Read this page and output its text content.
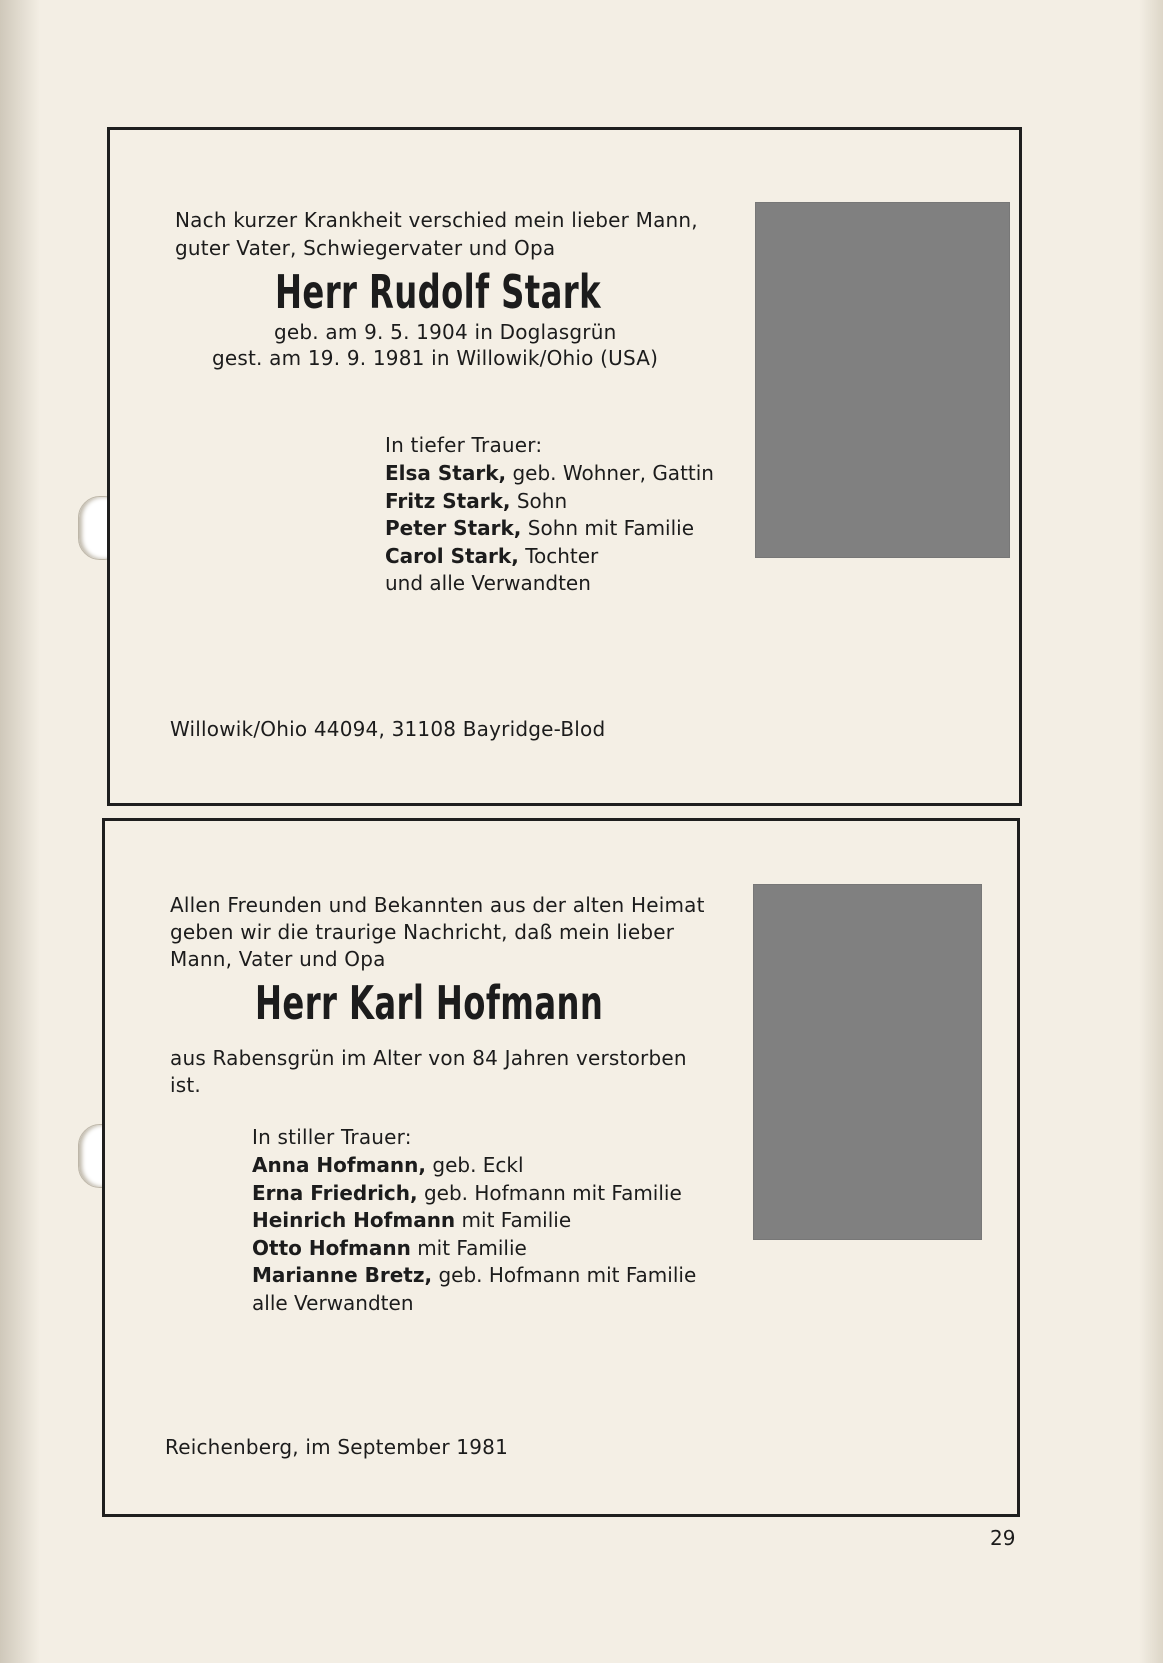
Nach kurzer Krankheit verschied mein lieber Mann,
guter Vater, Schwiegervater und Opa
Herr Rudolf Stark
geb. am 9. 5. 1904 in Doglasgrün
gest. am 19. 9. 1981 in Willowik/Ohio (USA)
In tiefer Trauer:
Elsa Stark, geb. Wohner, Gattin
Fritz Stark, Sohn
Peter Stark, Sohn mit Familie
Carol Stark, Tochter
und alle Verwandten
Willowik/Ohio 44094, 31108 Bayridge-Blod
Allen Freunden und Bekannten aus der alten Heimat
geben wir die traurige Nachricht, daß mein lieber
Mann, Vater und Opa
Herr Karl Hofmann
aus Rabensgrün im Alter von 84 Jahren verstorben
ist.
In stiller Trauer:
Anna Hofmann, geb. Eckl
Erna Friedrich, geb. Hofmann mit Familie
Heinrich Hofmann mit Familie
Otto Hofmann mit Familie
Marianne Bretz, geb. Hofmann mit Familie
alle Verwandten
Reichenberg, im September 1981
29
